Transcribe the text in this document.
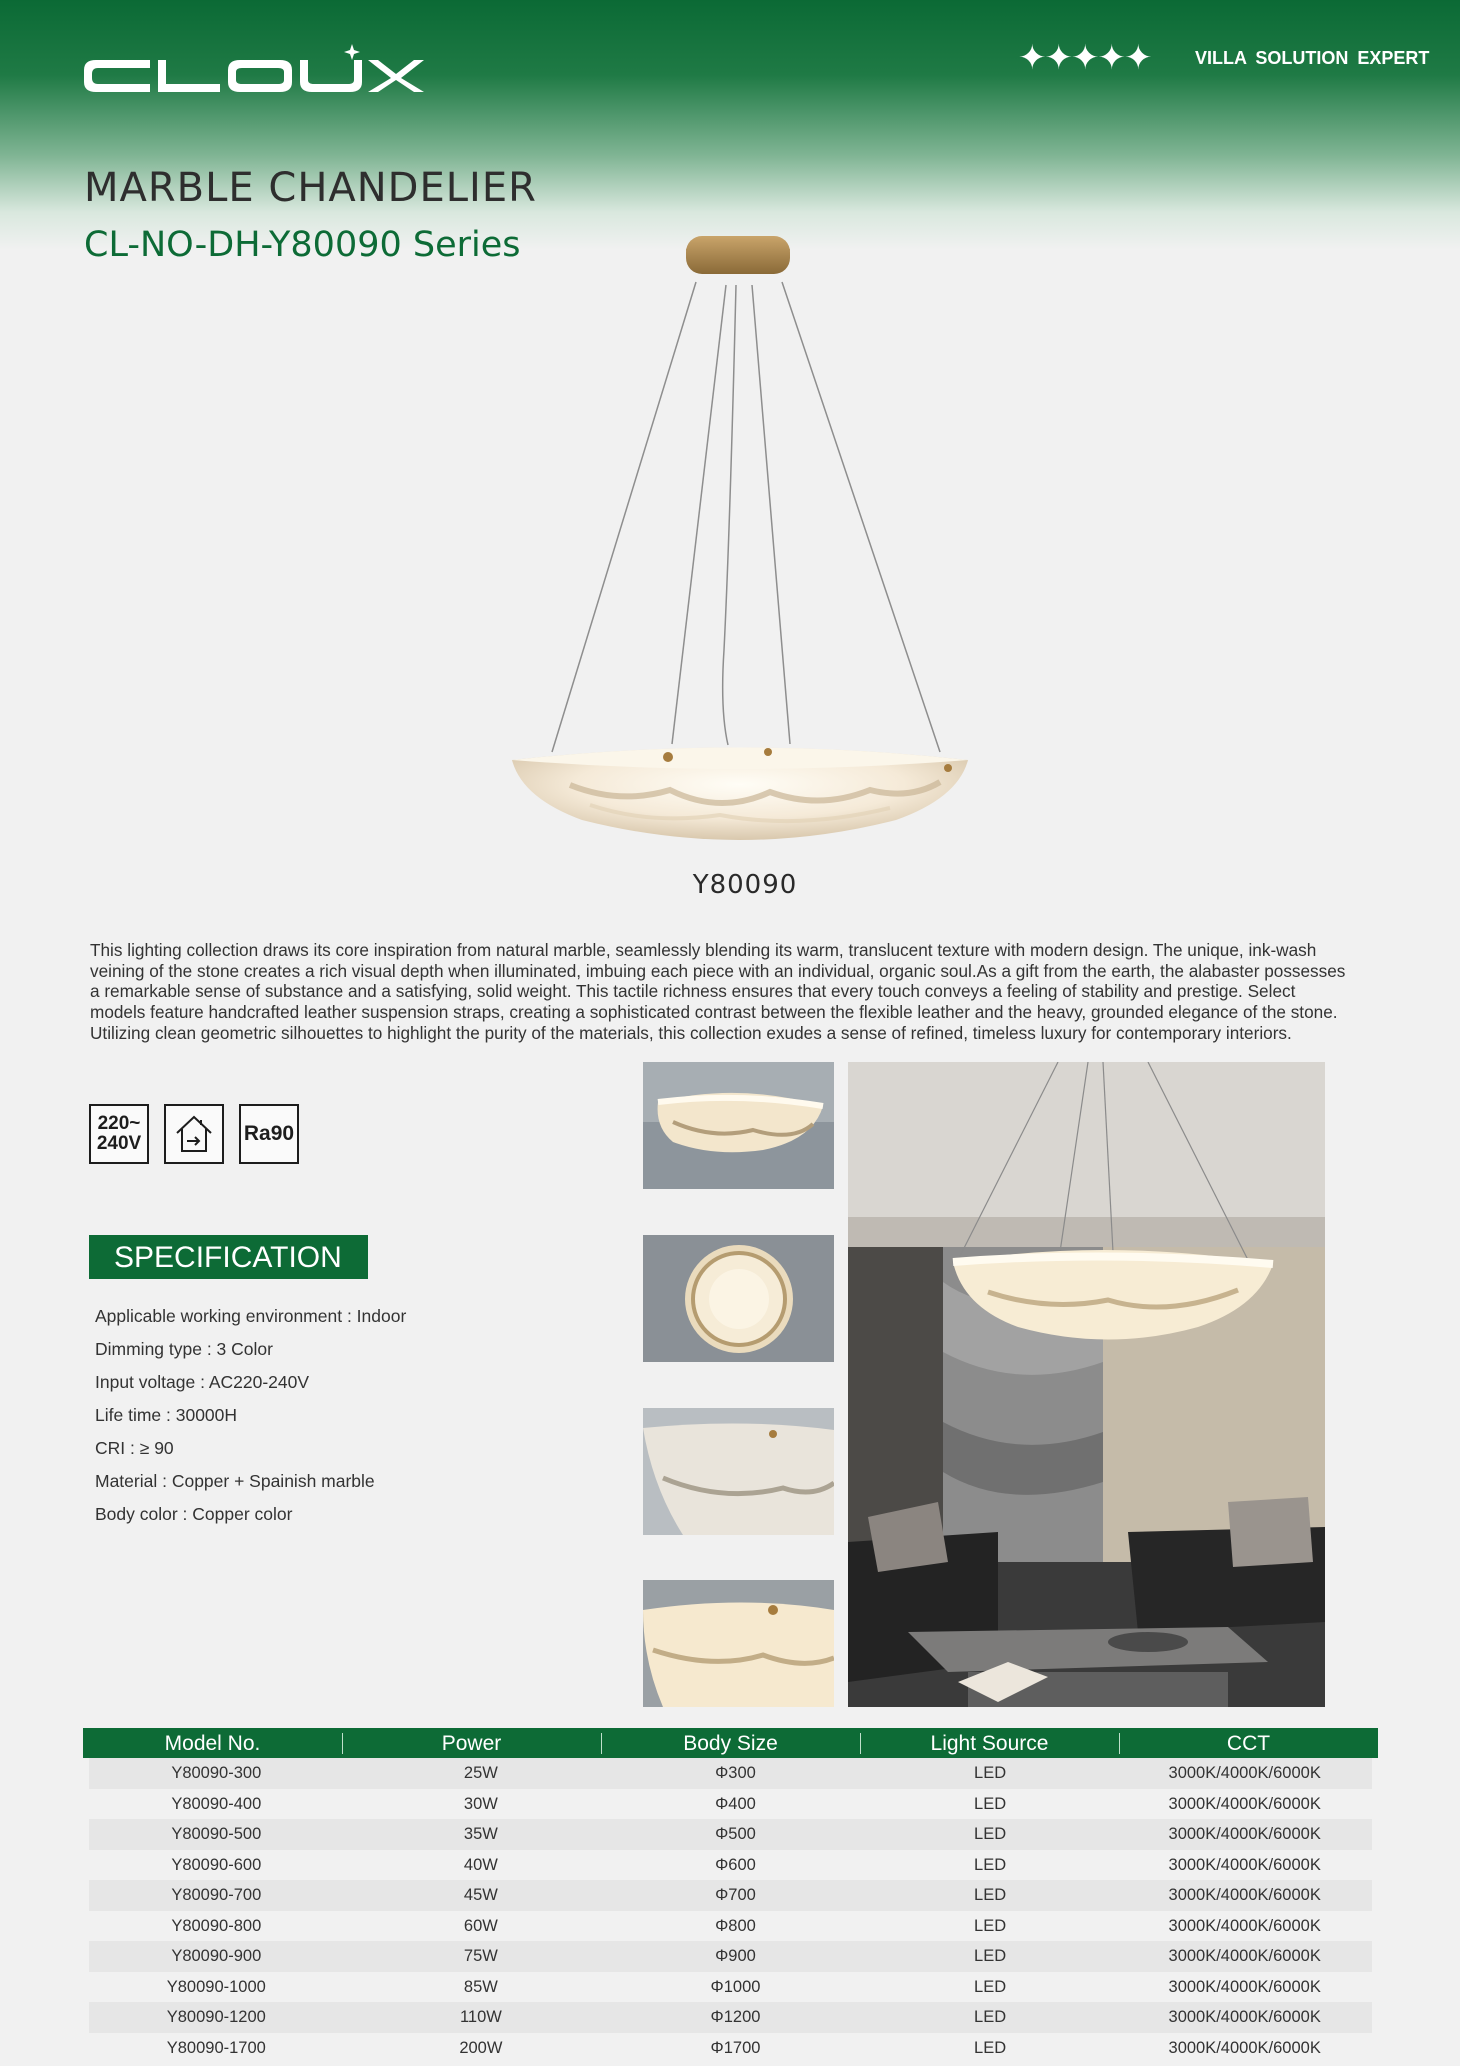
✦✦✦✦✦ VILLA SOLUTION EXPERT
MARBLE CHANDELIER
CL-NO-DH-Y80090 Series
Y80090
This lighting collection draws its core inspiration from natural marble, seamlessly blending its warm, translucent texture with modern design. The unique, ink-wash veining of the stone creates a rich visual depth when illuminated, imbuing each piece with an individual, organic soul.As a gift from the earth, the alabaster possesses a remarkable sense of substance and a satisfying, solid weight. This tactile richness ensures that every touch conveys a feeling of stability and prestige. Select models feature handcrafted leather suspension straps, creating a sophisticated contrast between the flexible leather and the heavy, grounded elegance of the stone. Utilizing clean geometric silhouettes to highlight the purity of the materials, this collection exudes a sense of refined, timeless luxury for contemporary interiors.
220~
240V	Ra90
SPECIFICATION
Applicable working environment : Indoor
Dimming type : 3 Color
Input voltage : AC220-240V
Life time : 30000H
CRI : ≥ 90
Material : Copper + Spainish marble
Body color : Copper color
Model No.	Power	Body Size	Light Source	CCT
Y80090-300	25W	Φ300	LED	3000K/4000K/6000K
Y80090-400	30W	Φ400	LED	3000K/4000K/6000K
Y80090-500	35W	Φ500	LED	3000K/4000K/6000K
Y80090-600	40W	Φ600	LED	3000K/4000K/6000K
Y80090-700	45W	Φ700	LED	3000K/4000K/6000K
Y80090-800	60W	Φ800	LED	3000K/4000K/6000K
Y80090-900	75W	Φ900	LED	3000K/4000K/6000K
Y80090-1000	85W	Φ1000	LED	3000K/4000K/6000K
Y80090-1200	110W	Φ1200	LED	3000K/4000K/6000K
Y80090-1700	200W	Φ1700	LED	3000K/4000K/6000K
